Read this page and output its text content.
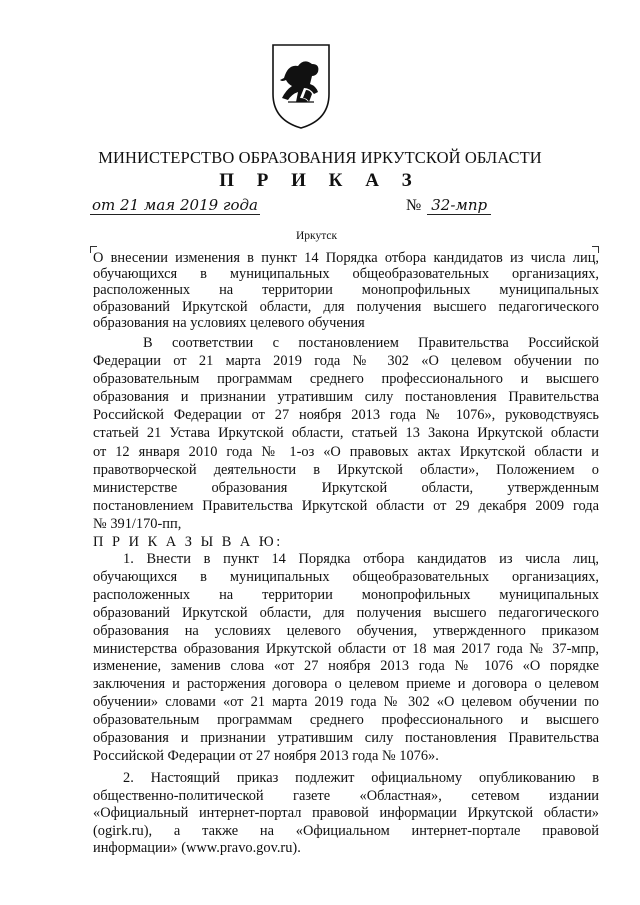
МИНИСТЕРСТВО ОБРАЗОВАНИЯ ИРКУТСКОЙ ОБЛАСТИ
П Р И К А З
от 21 мая 2019 года	№ 32-мпр
Иркутск
О внесении изменения в пункт 14 Порядка отбора кандидатов из числа лиц,
обучающихся в муниципальных общеобразовательных организациях,
расположенных на территории монопрофильных муниципальных
образований Иркутской области, для получения высшего педагогического
образования на условиях целевого обучения
В соответствии с постановлением Правительства Российской
Федерации от 21 марта 2019 года № 302 «О целевом обучении по
образовательным программам среднего профессионального и высшего
образования и признании утратившим силу постановления Правительства
Российской Федерации от 27 ноября 2013 года № 1076», руководствуясь
статьей 21 Устава Иркутской области, статьей 13 Закона Иркутской области
от 12 января 2010 года № 1-оз «О правовых актах Иркутской области и
правотворческой деятельности в Иркутской области», Положением о
министерстве образования Иркутской области, утвержденным
постановлением Правительства Иркутской области от 29 декабря 2009 года
№ 391/170-пп,
П Р И К А З Ы В А Ю:
1. Внести в пункт 14 Порядка отбора кандидатов из числа лиц,
обучающихся в муниципальных общеобразовательных организациях,
расположенных на территории монопрофильных муниципальных
образований Иркутской области, для получения высшего педагогического
образования на условиях целевого обучения, утвержденного приказом
министерства образования Иркутской области от 18 мая 2017 года № 37-мпр,
изменение, заменив слова «от 27 ноября 2013 года № 1076 «О порядке
заключения и расторжения договора о целевом приеме и договора о целевом
обучении» словами «от 21 марта 2019 года № 302 «О целевом обучении по
образовательным программам среднего профессионального и высшего
образования и признании утратившим силу постановления Правительства
Российской Федерации от 27 ноября 2013 года № 1076».
2. Настоящий приказ подлежит официальному опубликованию в
общественно-политической газете «Областная», сетевом издании
«Официальный интернет-портал правовой информации Иркутской области»
(ogirk.ru), а также на «Официальном интернет-портале правовой
информации» (www.pravo.gov.ru).
